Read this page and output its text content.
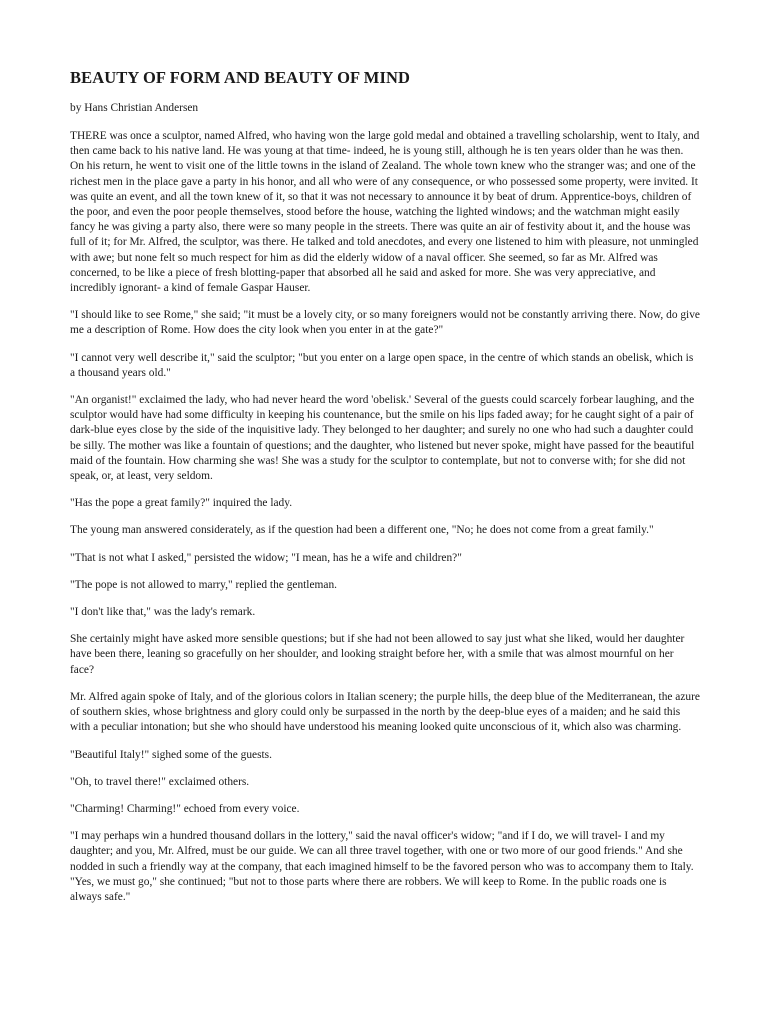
BEAUTY OF FORM AND BEAUTY OF MIND
by Hans Christian Andersen

THERE was once a sculptor, named Alfred, who having won the large gold medal and obtained a travelling scholarship, went to Italy, and then came back to his native land. He was young at that time- indeed, he is young still, although he is ten years older than he was then. On his return, he went to visit one of the little towns in the island of Zealand. The whole town knew who the stranger was; and one of the richest men in the place gave a party in his honor, and all who were of any consequence, or who possessed some property, were invited. It was quite an event, and all the town knew of it, so that it was not necessary to announce it by beat of drum. Apprentice-boys, children of the poor, and even the poor people themselves, stood before the house, watching the lighted windows; and the watchman might easily fancy he was giving a party also, there were so many people in the streets. There was quite an air of festivity about it, and the house was full of it; for Mr. Alfred, the sculptor, was there. He talked and told anecdotes, and every one listened to him with pleasure, not unmingled with awe; but none felt so much respect for him as did the elderly widow of a naval officer. She seemed, so far as Mr. Alfred was concerned, to be like a piece of fresh blotting-paper that absorbed all he said and asked for more. She was very appreciative, and incredibly ignorant- a kind of female Gaspar Hauser.

"I should like to see Rome," she said; "it must be a lovely city, or so many foreigners would not be constantly arriving there. Now, do give me a description of Rome. How does the city look when you enter in at the gate?"

"I cannot very well describe it," said the sculptor; "but you enter on a large open space, in the centre of which stands an obelisk, which is a thousand years old."

"An organist!" exclaimed the lady, who had never heard the word 'obelisk.' Several of the guests could scarcely forbear laughing, and the sculptor would have had some difficulty in keeping his countenance, but the smile on his lips faded away; for he caught sight of a pair of dark-blue eyes close by the side of the inquisitive lady. They belonged to her daughter; and surely no one who had such a daughter could be silly. The mother was like a fountain of questions; and the daughter, who listened but never spoke, might have passed for the beautiful maid of the fountain. How charming she was! She was a study for the sculptor to contemplate, but not to converse with; for she did not speak, or, at least, very seldom.

"Has the pope a great family?" inquired the lady.

The young man answered considerately, as if the question had been a different one, "No; he does not come from a great family."

"That is not what I asked," persisted the widow; "I mean, has he a wife and children?"

"The pope is not allowed to marry," replied the gentleman.

"I don't like that," was the lady's remark.

She certainly might have asked more sensible questions; but if she had not been allowed to say just what she liked, would her daughter have been there, leaning so gracefully on her shoulder, and looking straight before her, with a smile that was almost mournful on her face?

Mr. Alfred again spoke of Italy, and of the glorious colors in Italian scenery; the purple hills, the deep blue of the Mediterranean, the azure of southern skies, whose brightness and glory could only be surpassed in the north by the deep-blue eyes of a maiden; and he said this with a peculiar intonation; but she who should have understood his meaning looked quite unconscious of it, which also was charming.

"Beautiful Italy!" sighed some of the guests.

"Oh, to travel there!" exclaimed others.

"Charming! Charming!" echoed from every voice.

"I may perhaps win a hundred thousand dollars in the lottery," said the naval officer's widow; "and if I do, we will travel- I and my daughter; and you, Mr. Alfred, must be our guide. We can all three travel together, with one or two more of our good friends." And she nodded in such a friendly way at the company, that each imagined himself to be the favored person who was to accompany them to Italy. "Yes, we must go," she continued; "but not to those parts where there are robbers. We will keep to Rome. In the public roads one is always safe."
